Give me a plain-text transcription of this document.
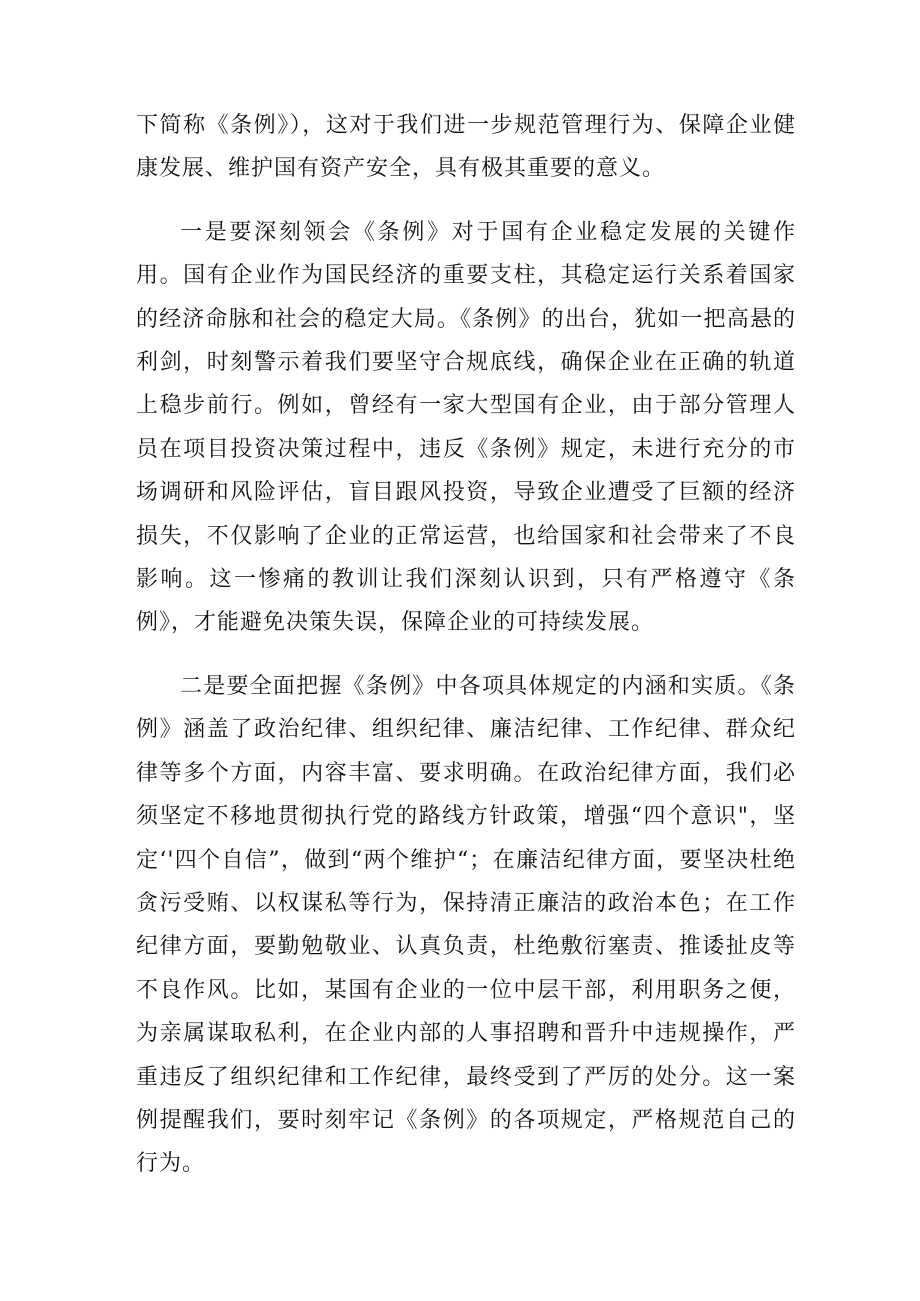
下简称《条例》），这对于我们进一步规范管理行为、保障企业健康发展、维护国有资产安全，具有极其重要的意义。

一是要深刻领会《条例》对于国有企业稳定发展的关键作用。国有企业作为国民经济的重要支柱，其稳定运行关系着国家的经济命脉和社会的稳定大局。《条例》的出台，犹如一把高悬的利剑，时刻警示着我们要坚守合规底线，确保企业在正确的轨道上稳步前行。例如，曾经有一家大型国有企业，由于部分管理人员在项目投资决策过程中，违反《条例》规定，未进行充分的市场调研和风险评估，盲目跟风投资，导致企业遭受了巨额的经济损失，不仅影响了企业的正常运营，也给国家和社会带来了不良影响。这一惨痛的教训让我们深刻认识到，只有严格遵守《条例》，才能避免决策失误，保障企业的可持续发展。

二是要全面把握《条例》中各项具体规定的内涵和实质。《条例》涵盖了政治纪律、组织纪律、廉洁纪律、工作纪律、群众纪律等多个方面，内容丰富、要求明确。在政治纪律方面，我们必须坚定不移地贯彻执行党的路线方针政策，增强“四个意识"，坚定‘'四个自信”，做到“两个维护“；在廉洁纪律方面，要坚决杜绝贪污受贿、以权谋私等行为，保持清正廉洁的政治本色；在工作纪律方面，要勤勉敬业、认真负责，杜绝敷衍塞责、推诿扯皮等不良作风。比如，某国有企业的一位中层干部，利用职务之便，为亲属谋取私利，在企业内部的人事招聘和晋升中违规操作，严重违反了组织纪律和工作纪律，最终受到了严厉的处分。这一案例提醒我们，要时刻牢记《条例》的各项规定，严格规范自己的行为。
